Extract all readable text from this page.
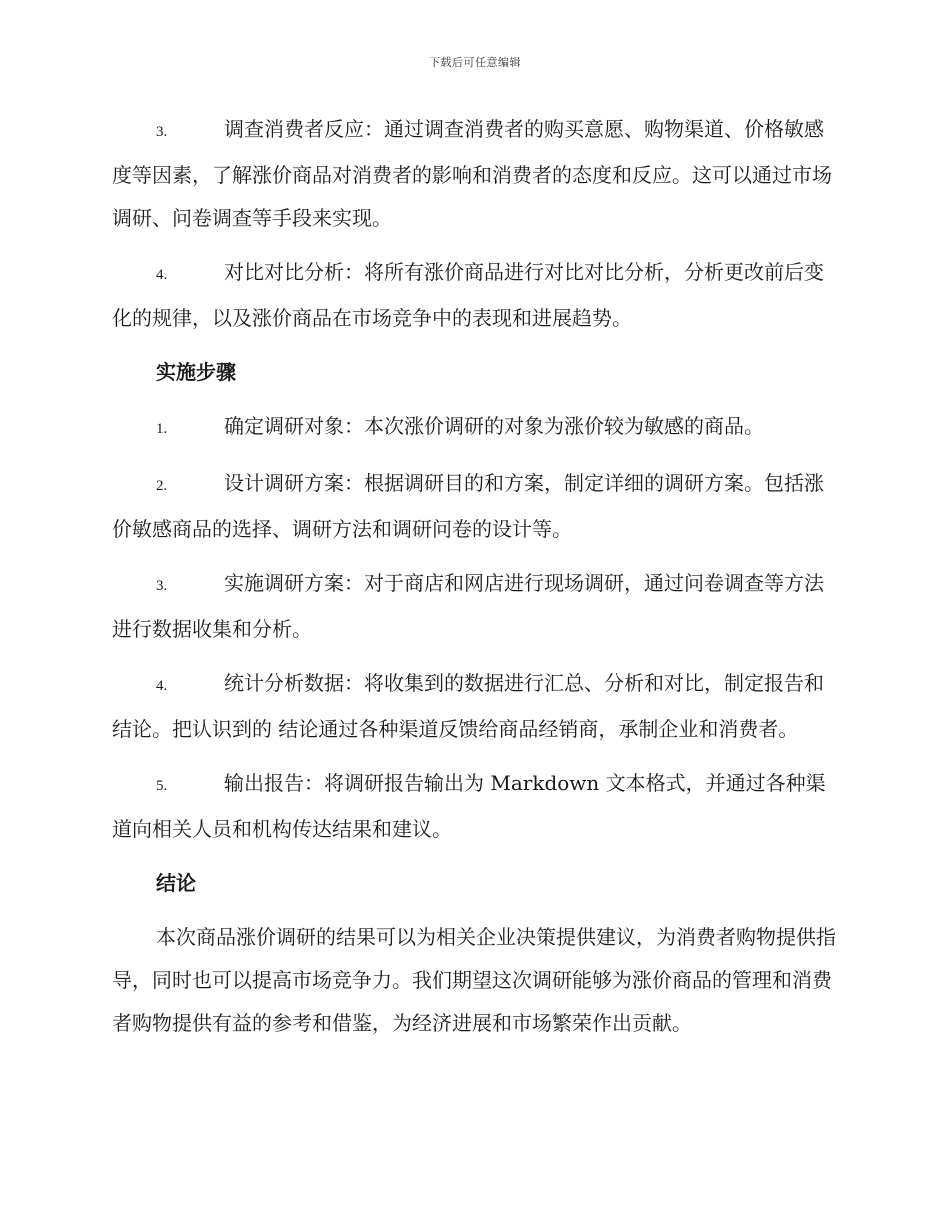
下载后可任意编辑

3.	调查消费者反应：通过调查消费者的购买意愿、购物渠道、价格敏感度等因素，了解涨价商品对消费者的影响和消费者的态度和反应。这可以通过市场调研、问卷调查等手段来实现。

4.	对比对比分析：将所有涨价商品进行对比对比分析，分析更改前后变化的规律，以及涨价商品在市场竞争中的表现和进展趋势。

实施步骤

1.	确定调研对象：本次涨价调研的对象为涨价较为敏感的商品。

2.	设计调研方案：根据调研目的和方案，制定详细的调研方案。包括涨价敏感商品的选择、调研方法和调研问卷的设计等。

3.	实施调研方案：对于商店和网店进行现场调研，通过问卷调查等方法进行数据收集和分析。

4.	统计分析数据：将收集到的数据进行汇总、分析和对比，制定报告和结论。把认识到的 结论通过各种渠道反馈给商品经销商，承制企业和消费者。

5.	输出报告：将调研报告输出为 Markdown 文本格式，并通过各种渠道向相关人员和机构传达结果和建议。

结论

本次商品涨价调研的结果可以为相关企业决策提供建议，为消费者购物提供指导，同时也可以提高市场竞争力。我们期望这次调研能够为涨价商品的管理和消费者购物提供有益的参考和借鉴，为经济进展和市场繁荣作出贡献。
